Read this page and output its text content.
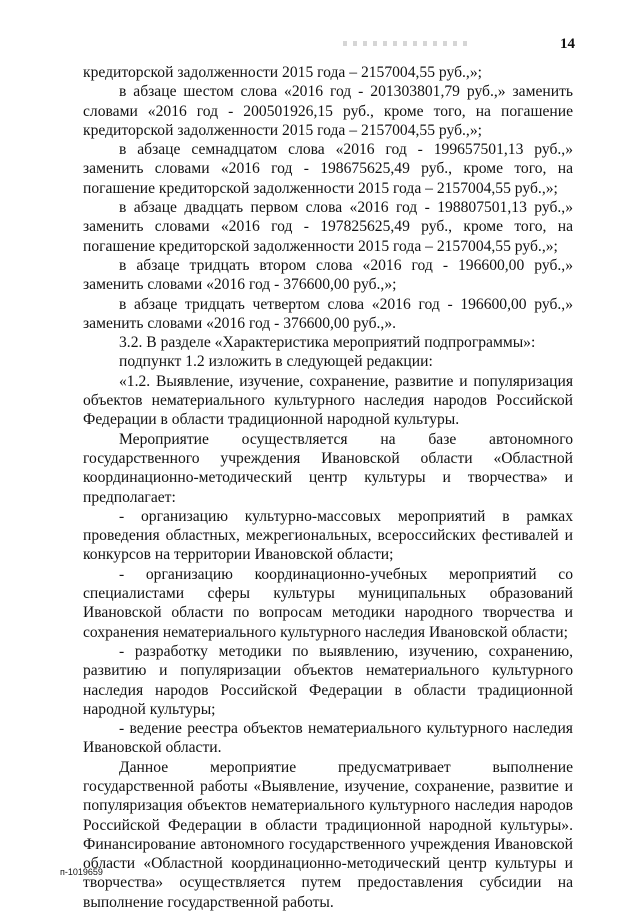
14

кредиторской задолженности 2015 года – 2157004,55 руб.,»;

в абзаце шестом слова «2016 год - 201303801,79 руб.,» заменить словами «2016 год - 200501926,15 руб., кроме того, на погашение кредиторской задолженности 2015 года – 2157004,55 руб.,»;

в абзаце семнадцатом слова «2016 год - 199657501,13 руб.,» заменить словами «2016 год - 198675625,49 руб., кроме того, на погашение кредиторской задолженности 2015 года – 2157004,55 руб.,»;

в абзаце двадцать первом слова «2016 год - 198807501,13 руб.,» заменить словами «2016 год - 197825625,49 руб., кроме того, на погашение кредиторской задолженности 2015 года – 2157004,55 руб.,»;

в абзаце тридцать втором слова «2016 год - 196600,00 руб.,» заменить словами «2016 год - 376600,00 руб.,»;

в абзаце тридцать четвертом слова «2016 год - 196600,00 руб.,» заменить словами «2016 год - 376600,00 руб.,».

3.2. В разделе «Характеристика мероприятий подпрограммы»:

подпункт 1.2 изложить в следующей редакции:

«1.2. Выявление, изучение, сохранение, развитие и популяризация объектов нематериального культурного наследия народов Российской Федерации в области традиционной народной культуры.

Мероприятие осуществляется на базе автономного государственного учреждения Ивановской области «Областной координационно-методический центр культуры и творчества» и предполагает:

- организацию культурно-массовых мероприятий в рамках проведения областных, межрегиональных, всероссийских фестивалей и конкурсов на территории Ивановской области;

- организацию координационно-учебных мероприятий со специалистами сферы культуры муниципальных образований Ивановской области по вопросам методики народного творчества и сохранения нематериального культурного наследия Ивановской области;

- разработку методики по выявлению, изучению, сохранению, развитию и популяризации объектов нематериального культурного наследия народов Российской Федерации в области традиционной народной культуры;

- ведение реестра объектов нематериального культурного наследия Ивановской области.

Данное мероприятие предусматривает выполнение государственной работы «Выявление, изучение, сохранение, развитие и популяризация объектов нематериального культурного наследия народов Российской Федерации в области традиционной народной культуры». Финансирование автономного государственного учреждения Ивановской области «Областной координационно-методический центр культуры и творчества» осуществляется путем предоставления субсидии на выполнение государственной работы.

п-1019659
